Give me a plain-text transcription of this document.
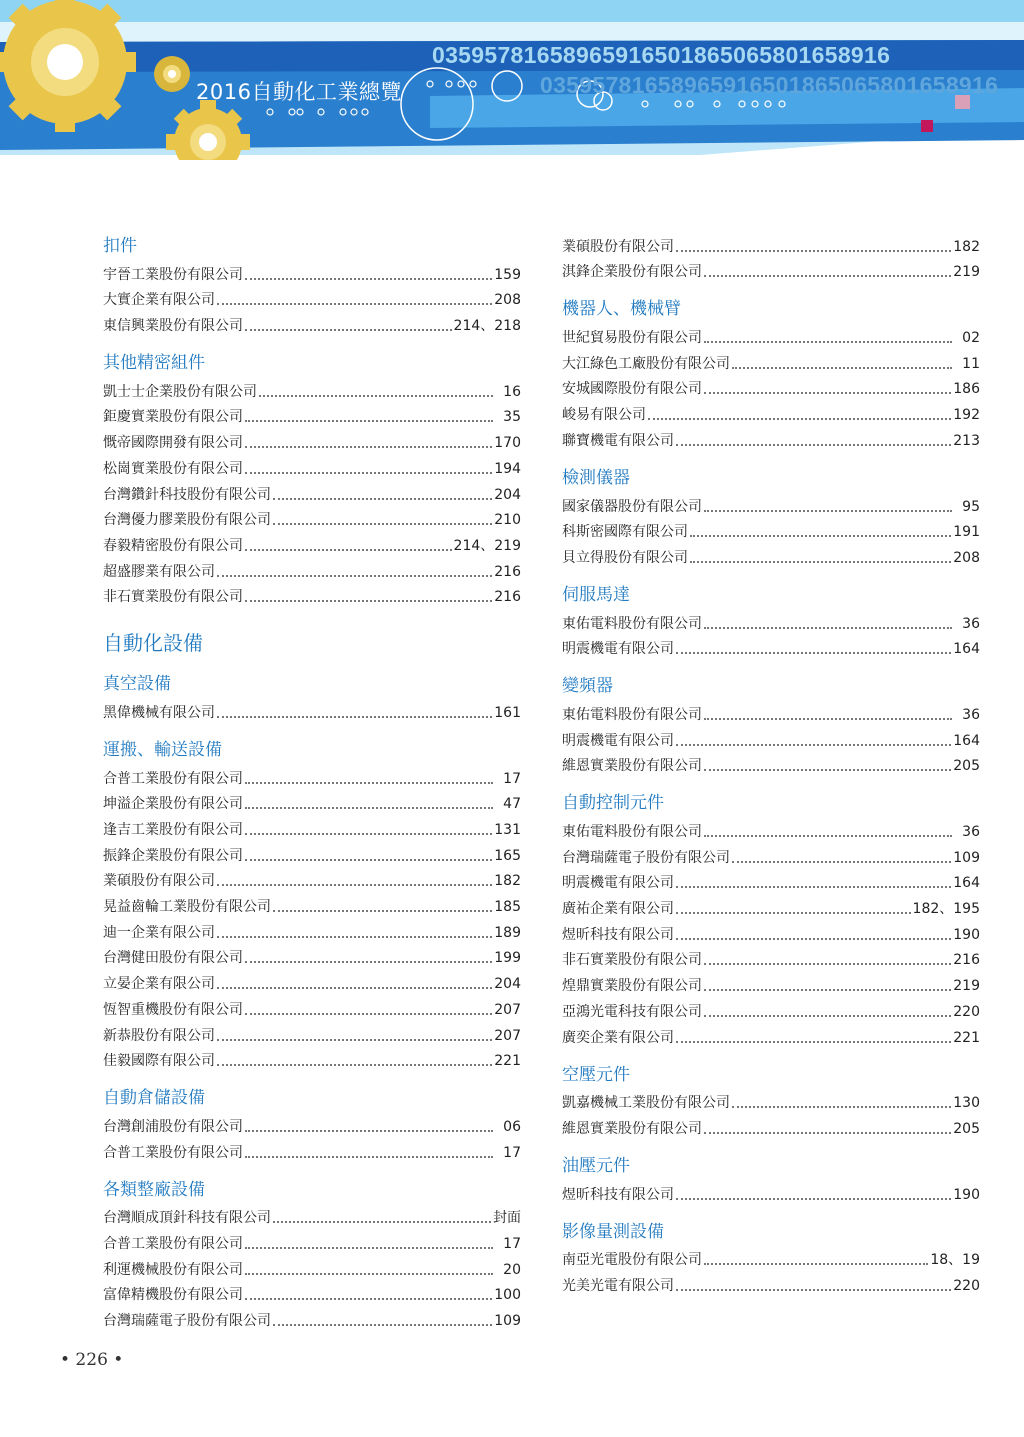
03595781658965916501865065801658916
03595781658965916501865065801658916
2016自動化工業總覽
扣件
宇晉工業股份有限公司	159
大實企業有限公司	208
東信興業股份有限公司	214、218
其他精密組件
凱士士企業股份有限公司	16
鉅慶實業股份有限公司	35
慨帝國際開發有限公司	170
松崗實業股份有限公司	194
台灣鑽針科技股份有限公司	204
台灣優力膠業股份有限公司	210
春毅精密股份有限公司	214、219
超盛膠業有限公司	216
非石實業股份有限公司	216
自動化設備
真空設備
黑偉機械有限公司	161
運搬、輸送設備
合普工業股份有限公司	17
坤溢企業股份有限公司	47
逢吉工業股份有限公司	131
振鋒企業股份有限公司	165
業碩股份有限公司	182
晃益齒輪工業股份有限公司	185
迪一企業有限公司	189
台灣健田股份有限公司	199
立晏企業有限公司	204
恆智重機股份有限公司	207
新恭股份有限公司	207
佳毅國際有限公司	221
自動倉儲設備
台灣創浦股份有限公司	06
合普工業股份有限公司	17
各類整廠設備
台灣順成頂針科技有限公司	封面
合普工業股份有限公司	17
利運機械股份有限公司	20
富偉精機股份有限公司	100
台灣瑞薩電子股份有限公司	109
業碩股份有限公司	182
淇鋒企業股份有限公司	219
機器人、機械臂
世紀貿易股份有限公司	02
大江綠色工廠股份有限公司	11
安城國際股份有限公司	186
峻易有限公司	192
聯寶機電有限公司	213
檢測儀器
國家儀器股份有限公司	95
科斯密國際有限公司	191
貝立得股份有限公司	208
伺服馬達
東佑電料股份有限公司	36
明震機電有限公司	164
變頻器
東佑電料股份有限公司	36
明震機電有限公司	164
維恩實業股份有限公司	205
自動控制元件
東佑電料股份有限公司	36
台灣瑞薩電子股份有限公司	109
明震機電有限公司	164
廣祐企業有限公司	182、195
煜昕科技有限公司	190
非石實業股份有限公司	216
煌鼎實業股份有限公司	219
亞鴻光電科技有限公司	220
廣奕企業有限公司	221
空壓元件
凱嘉機械工業股份有限公司	130
維恩實業股份有限公司	205
油壓元件
煜昕科技有限公司	190
影像量測設備
南亞光電股份有限公司	18、19
光美光電有限公司	220
• 226 •
